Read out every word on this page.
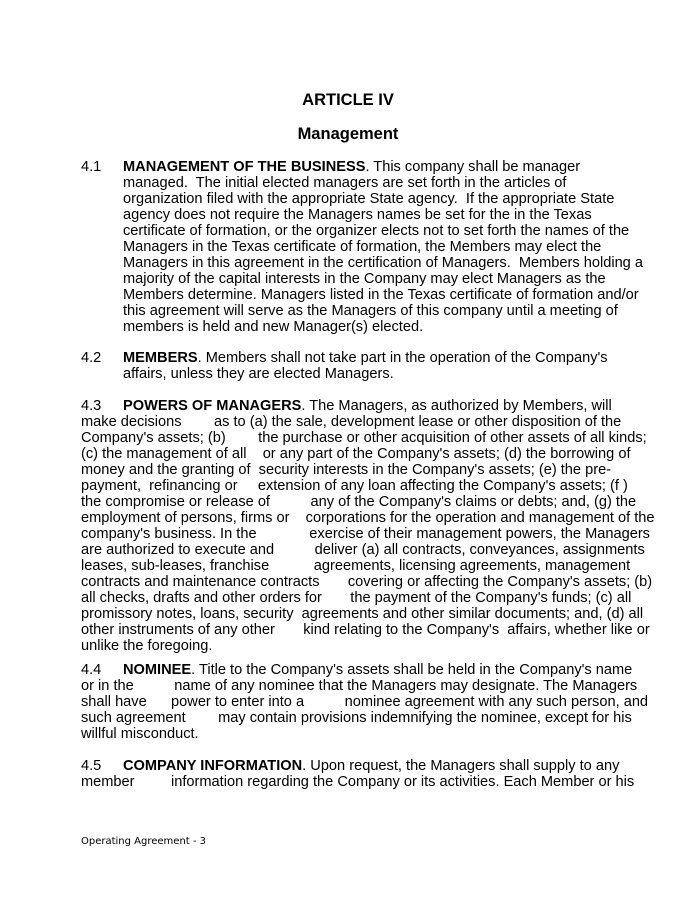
ARTICLE IV
Management
4.1 MANAGEMENT OF THE BUSINESS. This company shall be manager
managed.  The initial elected managers are set forth in the articles of
organization filed with the appropriate State agency.  If the appropriate State
agency does not require the Managers names be set for the in the Texas
certificate of formation, or the organizer elects not to set forth the names of the
Managers in the Texas certificate of formation, the Members may elect the
Managers in this agreement in the certification of Managers.  Members holding a
majority of the capital interests in the Company may elect Managers as the
Members determine. Managers listed in the Texas certificate of formation and/or
this agreement will serve as the Managers of this company until a meeting of
members is held and new Manager(s) elected.
4.2 MEMBERS. Members shall not take part in the operation of the Company's
affairs, unless they are elected Managers.
4.3 POWERS OF MANAGERS. The Managers, as authorized by Members, will
make decisions        as to (a) the sale, development lease or other disposition of the
Company's assets; (b)        the purchase or other acquisition of other assets of all kinds;
(c) the management of all    or any part of the Company's assets; (d) the borrowing of
money and the granting of  security interests in the Company's assets; (e) the pre-
payment,  refinancing or     extension of any loan affecting the Company's assets; (f )
the compromise or release of          any of the Company's claims or debts; and, (g) the
employment of persons, firms or    corporations for the operation and management of the
company's business. In the             exercise of their management powers, the Managers
are authorized to execute and          deliver (a) all contracts, conveyances, assignments
leases, sub-leases, franchise           agreements, licensing agreements, management
contracts and maintenance contracts       covering or affecting the Company's assets; (b)
all checks, drafts and other orders for       the payment of the Company's funds; (c) all
promissory notes, loans, security  agreements and other similar documents; and, (d) all
other instruments of any other       kind relating to the Company's  affairs, whether like or
unlike the foregoing.
4.4 NOMINEE. Title to the Company's assets shall be held in the Company's name
or in the          name of any nominee that the Managers may designate. The Managers
shall have      power to enter into a          nominee agreement with any such person, and
such agreement        may contain provisions indemnifying the nominee, except for his
willful misconduct.
4.5 COMPANY INFORMATION. Upon request, the Managers shall supply to any
member         information regarding the Company or its activities. Each Member or his
Operating Agreement - 3
